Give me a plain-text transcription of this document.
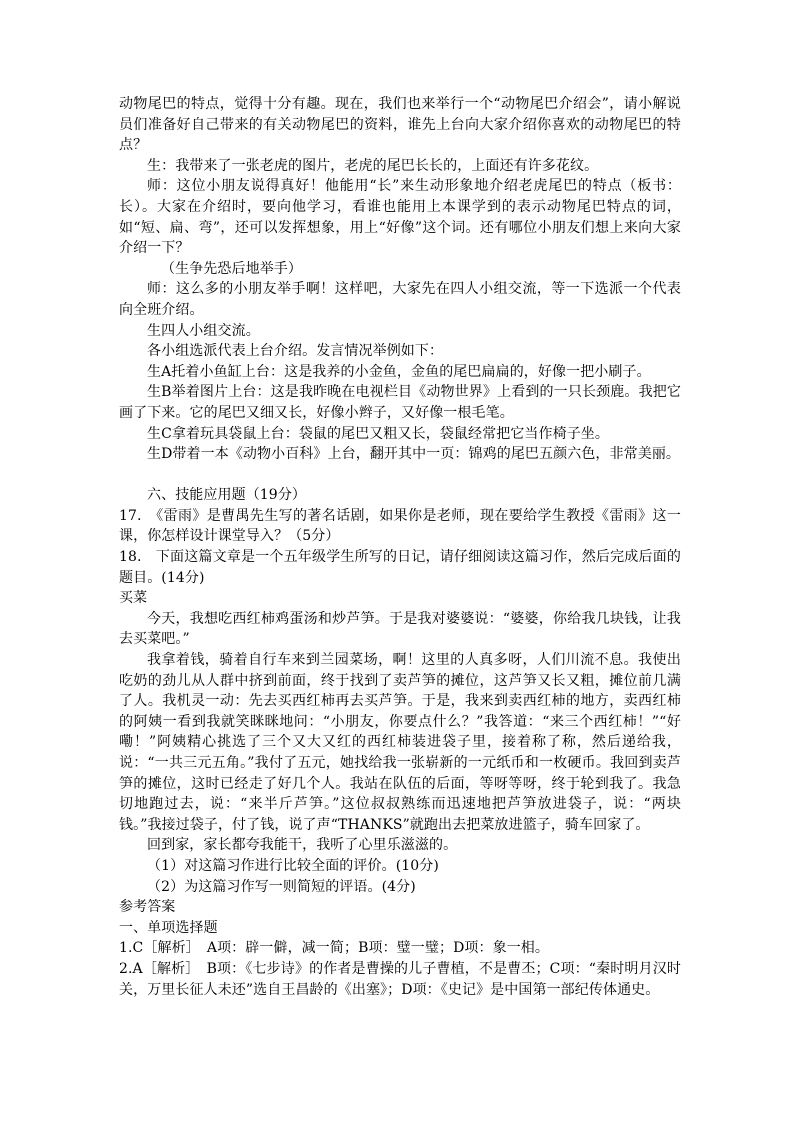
动物尾巴的特点，觉得十分有趣。现在，我们也来举行一个“动物尾巴介绍会”，请小解说员们准备好自己带来的有关动物尾巴的资料，谁先上台向大家介绍你喜欢的动物尾巴的特点？

生：我带来了一张老虎的图片，老虎的尾巴长长的，上面还有许多花纹。

师：这位小朋友说得真好！他能用“长”来生动形象地介绍老虎尾巴的特点（板书：长）。大家在介绍时，要向他学习，看谁也能用上本课学到的表示动物尾巴特点的词，如“短、扁、弯”，还可以发挥想象，用上“好像”这个词。还有哪位小朋友们想上来向大家介绍一下？

（生争先恐后地举手）

师：这么多的小朋友举手啊！这样吧，大家先在四人小组交流，等一下选派一个代表向全班介绍。

生四人小组交流。

各小组选派代表上台介绍。发言情况举例如下：

生A托着小鱼缸上台：这是我养的小金鱼，金鱼的尾巴扁扁的，好像一把小刷子。

生B举着图片上台：这是我昨晚在电视栏目《动物世界》上看到的一只长颈鹿。我把它画了下来。它的尾巴又细又长，好像小辫子，又好像一根毛笔。

生C拿着玩具袋鼠上台：袋鼠的尾巴又粗又长，袋鼠经常把它当作椅子坐。

生D带着一本《动物小百科》上台，翻开其中一页：锦鸡的尾巴五颜六色，非常美丽。

六、技能应用题（19分）

17.　《雷雨》是曹禺先生写的著名话剧，如果你是老师，现在要给学生教授《雷雨》这一课，你怎样设计课堂导入？（5分）

18.　下面这篇文章是一个五年级学生所写的日记，请仔细阅读这篇习作，然后完成后面的题目。(14分)

买菜

今天，我想吃西红柿鸡蛋汤和炒芦笋。于是我对婆婆说：“婆婆，你给我几块钱，让我去买菜吧。”

我拿着钱，骑着自行车来到兰园菜场，啊！这里的人真多呀，人们川流不息。我使出吃奶的劲儿从人群中挤到前面，终于找到了卖芦笋的摊位，这芦笋又长又粗，摊位前几满了人。我机灵一动：先去买西红柿再去买芦笋。于是，我来到卖西红柿的地方，卖西红柿的阿姨一看到我就笑眯眯地问：“小朋友，你要点什么？”我答道：“来三个西红柿！”“好嘞！”阿姨精心挑选了三个又大又红的西红柿装进袋子里，接着称了称，然后递给我，说：“一共三元五角。”我付了五元，她找给我一张崭新的一元纸币和一枚硬币。我回到卖芦笋的摊位，这时已经走了好几个人。我站在队伍的后面，等呀等呀，终于轮到我了。我急切地跑过去，说：“来半斤芦笋。”这位叔叔熟练而迅速地把芦笋放进袋子，说：“两块钱。”我接过袋子，付了钱，说了声“THANKS”就跑出去把菜放进篮子，骑车回家了。

回到家，家长都夸我能干，我听了心里乐滋滋的。

（1）对这篇习作进行比较全面的评价。(10分)

（2）为这篇习作写一则简短的评语。(4分)

参考答案

一、单项选择题

1.C［解析］　A项：辟一僻，减一简；B项：璧一璧；D项：象一相。

2.A［解析］　B项：《七步诗》的作者是曹操的儿子曹植，不是曹丕；C项：“秦时明月汉时关，万里长征人未还”选自王昌龄的《出塞》；D项：《史记》是中国第一部纪传体通史。
